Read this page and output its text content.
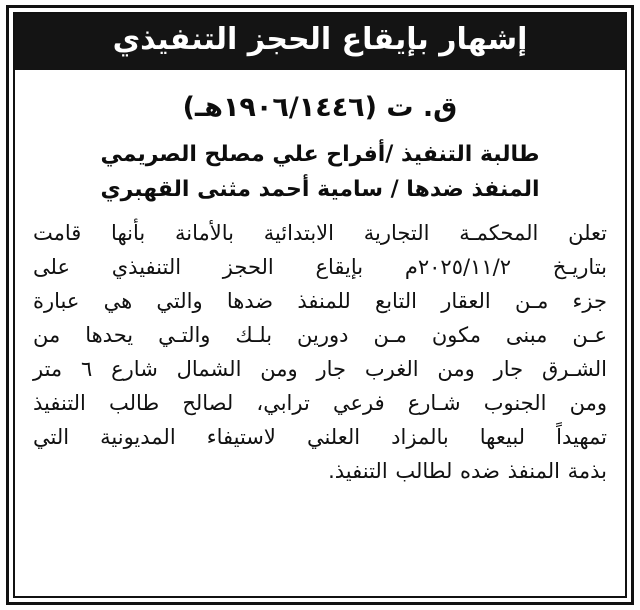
إشهار بإيقاع الحجز التنفيذي
ق. ت (١٩٠٦/١٤٤٦هـ)
طالبة التنفيذ /أفراح علي مصلح الصريمي
المنفذ ضدها / سامية أحمد مثنى القهبري
تعلن المحكمـة التجارية الابتدائية بالأمانة بأنها قامت
بتاريـخ ٢٠٢٥/١١/٢م بإيقاع الحجز التنفيذي على
جزء مـن العقار التابع للمنفذ ضدها والتي هي عبارة
عـن مبنى مكون مـن دورين بلـك والتـي يحدها من
الشـرق جار ومن الغرب جار ومن الشمال شارع ٦ متر
ومن الجنوب شـارع فرعي ترابي، لصالح طالب التنفيذ
تمهيداً لبيعها بالمزاد العلني لاستيفاء المديونية التي
بذمة المنفذ ضده لطالب التنفيذ.
